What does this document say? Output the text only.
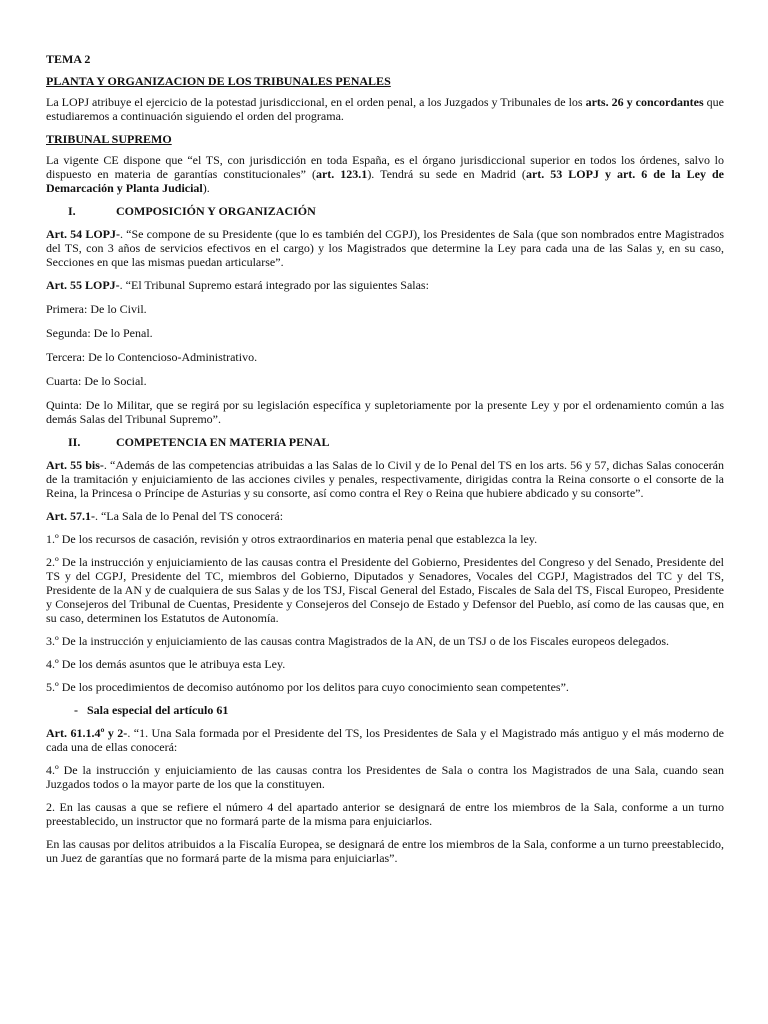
TEMA 2
PLANTA Y ORGANIZACION DE LOS TRIBUNALES PENALES

La LOPJ atribuye el ejercicio de la potestad jurisdiccional, en el orden penal, a los Juzgados y Tribunales de los arts. 26 y concordantes que estudiaremos a continuación siguiendo el orden del programa.

TRIBUNAL SUPREMO

La vigente CE dispone que “el TS, con jurisdicción en toda España, es el órgano jurisdiccional superior en todos los órdenes, salvo lo dispuesto en materia de garantías constitucionales” (art. 123.1). Tendrá su sede en Madrid (art. 53 LOPJ y art. 6 de la Ley de Demarcación y Planta Judicial).

I.	COMPOSICIÓN Y ORGANIZACIÓN

Art. 54 LOPJ-. “Se compone de su Presidente (que lo es también del CGPJ), los Presidentes de Sala (que son nombrados entre Magistrados del TS, con 3 años de servicios efectivos en el cargo) y los Magistrados que determine la Ley para cada una de las Salas y, en su caso, Secciones en que las mismas puedan articularse”.

Art. 55 LOPJ-. “El Tribunal Supremo estará integrado por las siguientes Salas:

Primera: De lo Civil.

Segunda: De lo Penal.

Tercera: De lo Contencioso-Administrativo.

Cuarta: De lo Social.

Quinta: De lo Militar, que se regirá por su legislación específica y supletoriamente por la presente Ley y por el ordenamiento común a las demás Salas del Tribunal Supremo”.

II.	COMPETENCIA EN MATERIA PENAL

Art. 55 bis-. “Además de las competencias atribuidas a las Salas de lo Civil y de lo Penal del TS en los arts. 56 y 57, dichas Salas conocerán de la tramitación y enjuiciamiento de las acciones civiles y penales, respectivamente, dirigidas contra la Reina consorte o el consorte de la Reina, la Princesa o Príncipe de Asturias y su consorte, así como contra el Rey o Reina que hubiere abdicado y su consorte”.

Art. 57.1-. “La Sala de lo Penal del TS conocerá:

1.º De los recursos de casación, revisión y otros extraordinarios en materia penal que establezca la ley.

2.º De la instrucción y enjuiciamiento de las causas contra el Presidente del Gobierno, Presidentes del Congreso y del Senado, Presidente del TS y del CGPJ, Presidente del TC, miembros del Gobierno, Diputados y Senadores, Vocales del CGPJ, Magistrados del TC y del TS, Presidente de la AN y de cualquiera de sus Salas y de los TSJ, Fiscal General del Estado, Fiscales de Sala del TS, Fiscal Europeo, Presidente y Consejeros del Tribunal de Cuentas, Presidente y Consejeros del Consejo de Estado y Defensor del Pueblo, así como de las causas que, en su caso, determinen los Estatutos de Autonomía.

3.º De la instrucción y enjuiciamiento de las causas contra Magistrados de la AN, de un TSJ o de los Fiscales europeos delegados.

4.º De los demás asuntos que le atribuya esta Ley.

5.º De los procedimientos de decomiso autónomo por los delitos para cuyo conocimiento sean competentes”.

- Sala especial del artículo 61

Art. 61.1.4º y 2-. “1. Una Sala formada por el Presidente del TS, los Presidentes de Sala y el Magistrado más antiguo y el más moderno de cada una de ellas conocerá:

4.º De la instrucción y enjuiciamiento de las causas contra los Presidentes de Sala o contra los Magistrados de una Sala, cuando sean Juzgados todos o la mayor parte de los que la constituyen.

2. En las causas a que se refiere el número 4 del apartado anterior se designará de entre los miembros de la Sala, conforme a un turno preestablecido, un instructor que no formará parte de la misma para enjuiciarlos.

En las causas por delitos atribuidos a la Fiscalía Europea, se designará de entre los miembros de la Sala, conforme a un turno preestablecido, un Juez de garantías que no formará parte de la misma para enjuiciarlas”.
